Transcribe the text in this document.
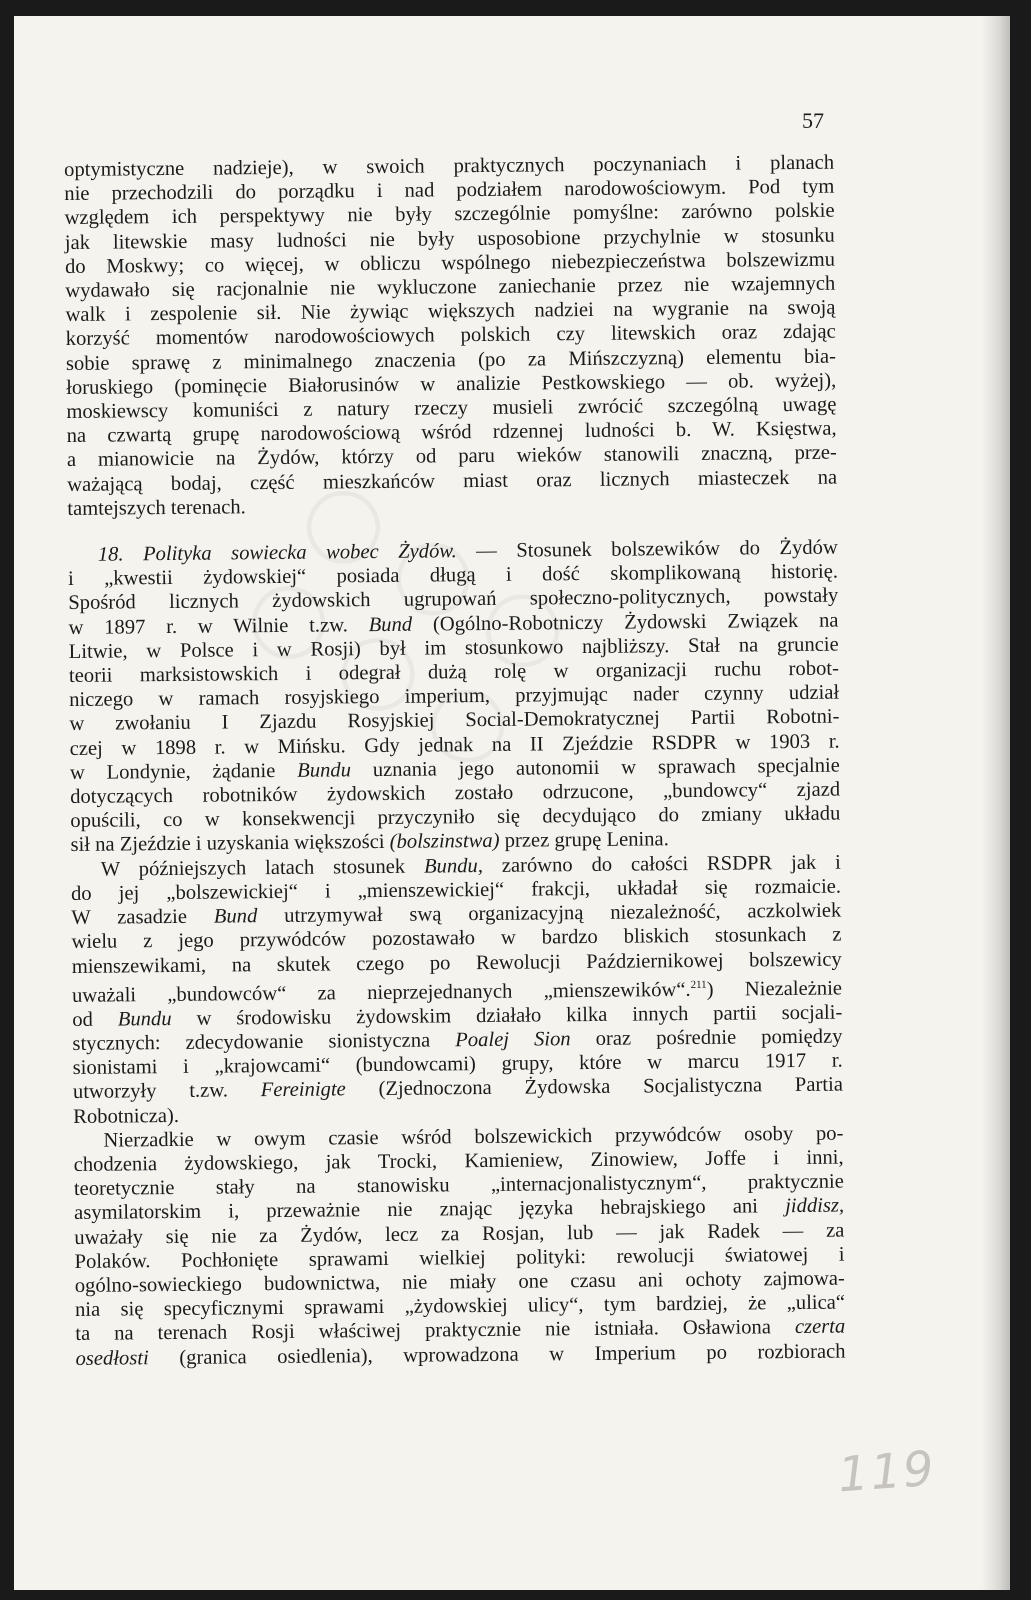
57
optymistyczne nadzieje), w swoich praktycznych poczynaniach i planach
nie przechodzili do porządku i nad podziałem narodowościowym. Pod tym
względem ich perspektywy nie były szczególnie pomyślne: zarówno polskie
jak litewskie masy ludności nie były usposobione przychylnie w stosunku
do Moskwy; co więcej, w obliczu wspólnego niebezpieczeństwa bolszewizmu
wydawało się racjonalnie nie wykluczone zaniechanie przez nie wzajemnych
walk i zespolenie sił. Nie żywiąc większych nadziei na wygranie na swoją
korzyść momentów narodowościowych polskich czy litewskich oraz zdając
sobie sprawę z minimalnego znaczenia (po za Mińszczyzną) elementu bia-
łoruskiego (pominęcie Białorusinów w analizie Pestkowskiego — ob. wyżej),
moskiewscy komuniści z natury rzeczy musieli zwrócić szczególną uwagę
na czwartą grupę narodowościową wśród rdzennej ludności b. W. Księstwa,
a mianowicie na Żydów, którzy od paru wieków stanowili znaczną, prze-
ważającą bodaj, część mieszkańców miast oraz licznych miasteczek na
tamtejszych terenach.
18. Polityka sowiecka wobec Żydów. — Stosunek bolszewików do Żydów
i „kwestii żydowskiej“ posiada długą i dość skomplikowaną historię.
Spośród licznych żydowskich ugrupowań społeczno-politycznych, powstały
w 1897 r. w Wilnie t.zw. Bund (Ogólno-Robotniczy Żydowski Związek na
Litwie, w Polsce i w Rosji) był im stosunkowo najbliższy. Stał na gruncie
teorii marksistowskich i odegrał dużą rolę w organizacji ruchu robot-
niczego w ramach rosyjskiego imperium, przyjmując nader czynny udział
w zwołaniu I Zjazdu Rosyjskiej Social-Demokratycznej Partii Robotni-
czej w 1898 r. w Mińsku. Gdy jednak na II Zjeździe RSDPR w 1903 r.
w Londynie, żądanie Bundu uznania jego autonomii w sprawach specjalnie
dotyczących robotników żydowskich zostało odrzucone, „bundowcy“ zjazd
opuścili, co w konsekwencji przyczyniło się decydująco do zmiany układu
sił na Zjeździe i uzyskania większości (bolszinstwa) przez grupę Lenina.
W późniejszych latach stosunek Bundu, zarówno do całości RSDPR jak i
do jej „bolszewickiej“ i „mienszewickiej“ frakcji, układał się rozmaicie.
W zasadzie Bund utrzymywał swą organizacyjną niezależność, aczkolwiek
wielu z jego przywódców pozostawało w bardzo bliskich stosunkach z
mienszewikami, na skutek czego po Rewolucji Październikowej bolszewicy
uważali „bundowców“ za nieprzejednanych „mienszewików“.$^{211}$) Niezależnie
od Bundu w środowisku żydowskim działało kilka innych partii socjali-
stycznych: zdecydowanie sionistyczna Poalej Sion oraz pośrednie pomiędzy
sionistami i „krajowcami“ (bundowcami) grupy, które w marcu 1917 r.
utworzyły t.zw. Fereinigte (Zjednoczona Żydowska Socjalistyczna Partia
Robotnicza).
Nierzadkie w owym czasie wśród bolszewickich przywódców osoby po-
chodzenia żydowskiego, jak Trocki, Kamieniew, Zinowiew, Joffe i inni,
teoretycznie stały na stanowisku „internacjonalistycznym“, praktycznie
asymilatorskim i, przeważnie nie znając języka hebrajskiego ani jiddisz,
uważały się nie za Żydów, lecz za Rosjan, lub — jak Radek — za
Polaków. Pochłonięte sprawami wielkiej polityki: rewolucji światowej i
ogólno-sowieckiego budownictwa, nie miały one czasu ani ochoty zajmowa-
nia się specyficznymi sprawami „żydowskiej ulicy“, tym bardziej, że „ulica“
ta na terenach Rosji właściwej praktycznie nie istniała. Osławiona czerta
osedłosti (granica osiedlenia), wprowadzona w Imperium po rozbiorach
119
